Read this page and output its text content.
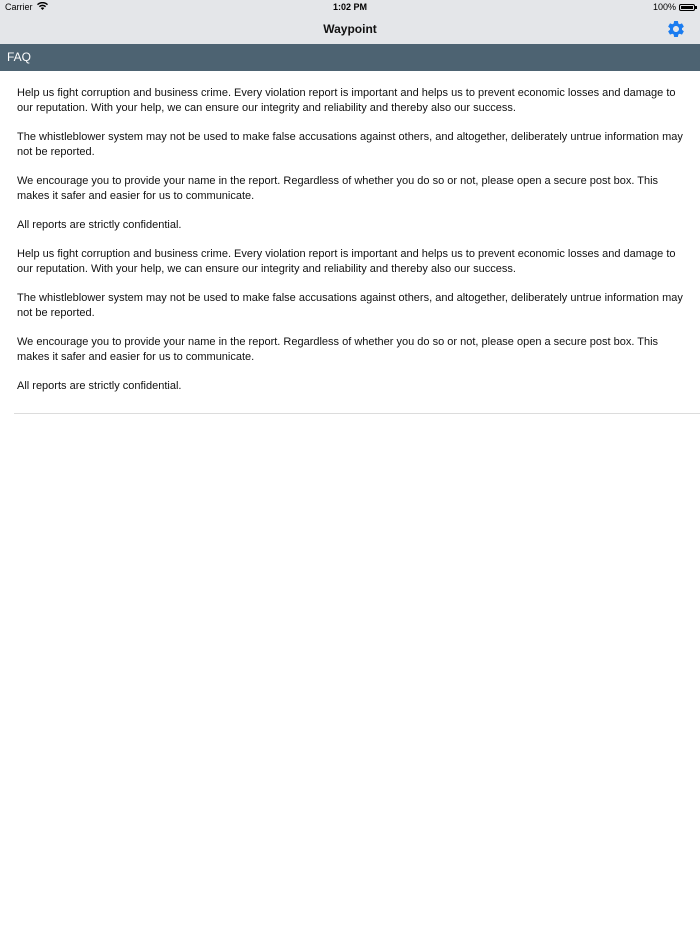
Carrier	1:02 PM	100%
Waypoint
FAQ

Help us fight corruption and business crime. Every violation report is important and helps us to prevent economic losses and damage to our reputation. With your help, we can ensure our integrity and reliability and thereby also our success.

The whistleblower system may not be used to make false accusations against others, and altogether, deliberately untrue information may not be reported.

We encourage you to provide your name in the report. Regardless of whether you do so or not, please open a secure post box. This makes it safer and easier for us to communicate.

All reports are strictly confidential.

Help us fight corruption and business crime. Every violation report is important and helps us to prevent economic losses and damage to our reputation. With your help, we can ensure our integrity and reliability and thereby also our success.

The whistleblower system may not be used to make false accusations against others, and altogether, deliberately untrue information may not be reported.

We encourage you to provide your name in the report. Regardless of whether you do so or not, please open a secure post box. This makes it safer and easier for us to communicate.

All reports are strictly confidential.
